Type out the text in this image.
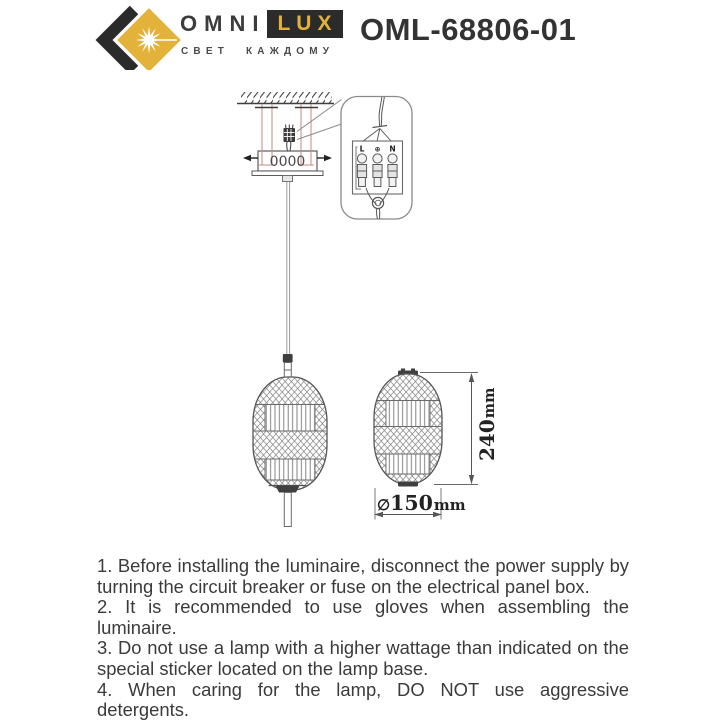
OMNI LUX
СВЕТ КАЖДОМУ
OML-68806-01
0000
L ⊕ N
240mm
∅150mm

1. Before installing the luminaire, disconnect the power supply by turning the circuit breaker or fuse on the electrical panel box.

2. It is recommended to use gloves when assembling the luminaire.

3. Do not use a lamp with a higher wattage than indicated on the special sticker located on the lamp base.

4. When caring for the lamp, DO NOT use aggressive detergents.
